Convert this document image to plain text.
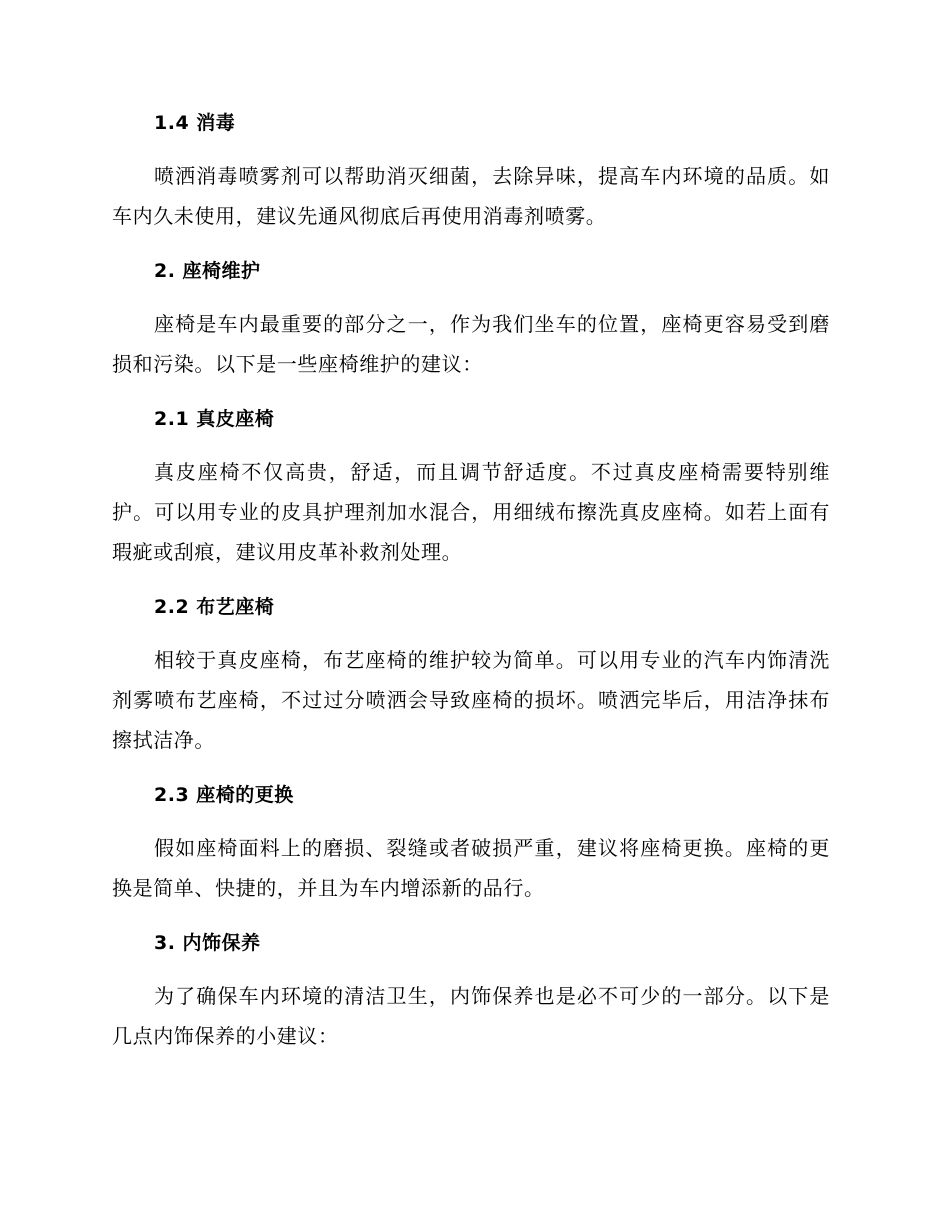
1.4 消毒

喷洒消毒喷雾剂可以帮助消灭细菌，去除异味，提高车内环境的品质。如车内久未使用，建议先通风彻底后再使用消毒剂喷雾。

2. 座椅维护

座椅是车内最重要的部分之一，作为我们坐车的位置，座椅更容易受到磨损和污染。以下是一些座椅维护的建议：

2.1 真皮座椅

真皮座椅不仅高贵，舒适，而且调节舒适度。不过真皮座椅需要特别维护。可以用专业的皮具护理剂加水混合，用细绒布擦洗真皮座椅。如若上面有瑕疵或刮痕，建议用皮革补救剂处理。

2.2 布艺座椅

相较于真皮座椅，布艺座椅的维护较为简单。可以用专业的汽车内饰清洗剂雾喷布艺座椅，不过过分喷洒会导致座椅的损坏。喷洒完毕后，用洁净抹布擦拭洁净。

2.3 座椅的更换

假如座椅面料上的磨损、裂缝或者破损严重，建议将座椅更换。座椅的更换是简单、快捷的，并且为车内增添新的品行。

3. 内饰保养

为了确保车内环境的清洁卫生，内饰保养也是必不可少的一部分。以下是几点内饰保养的小建议：
